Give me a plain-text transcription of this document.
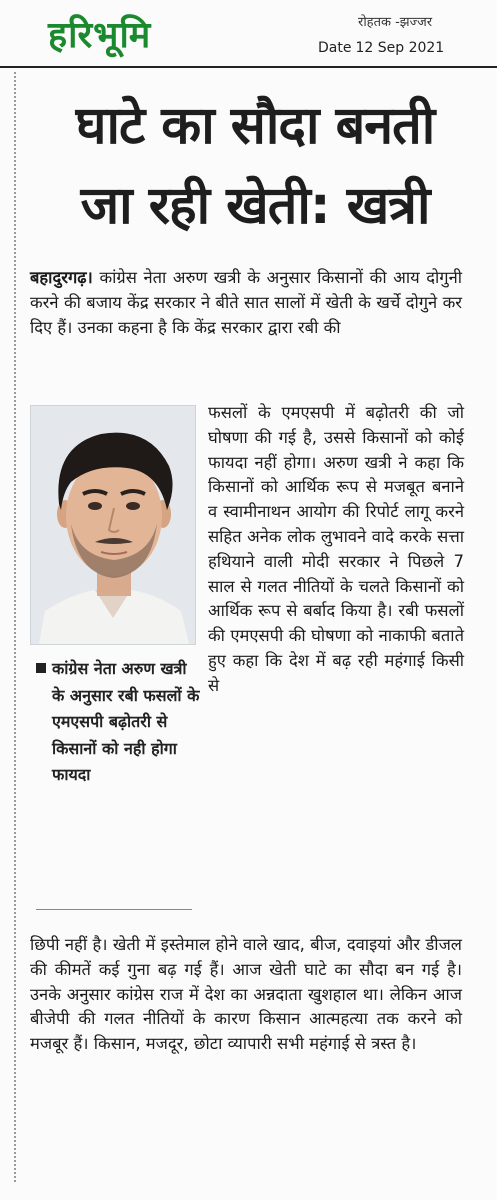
हरिभूमि	रोहतक -झज्जर
Date 12 Sep 2021
घाटे का सौदा बनती
जा रही खेती: खत्री
बहादुरगढ़। कांग्रेस नेता अरुण खत्री के अनुसार किसानों की आय दोगुनी करने की बजाय केंद्र सरकार ने बीते सात सालों में खेती के खर्चे दोगुने कर दिए हैं। उनका कहना है कि केंद्र सरकार द्वारा रबी की
फसलों के एमएसपी में बढ़ोतरी की जो घोषणा की गई है, उससे किसानों को कोई फायदा नहीं होगा। अरुण खत्री ने कहा कि किसानों को आर्थिक रूप से मजबूत बनाने व स्वामीनाथन आयोग की रिपोर्ट लागू करने सहित अनेक लोक लुभावने वादे करके सत्ता हथियाने वाली मोदी सरकार ने पिछले 7 साल से गलत नीतियों के चलते किसानों को आर्थिक रूप से बर्बाद किया है। रबी फसलों की एमएसपी की घोषणा को नाकाफी बताते हुए कहा कि देश में बढ़ रही महंगाई किसी से
कांग्रेस नेता अरुण खत्री के अनुसार रबी फसलों के एमएसपी बढ़ोतरी से किसानों को नही होगा फायदा
छिपी नहीं है। खेती में इस्तेमाल होने वाले खाद, बीज, दवाइयां और डीजल की कीमतें कई गुना बढ़ गई हैं। आज खेती घाटे का सौदा बन गई है। उनके अनुसार कांग्रेस राज में देश का अन्नदाता खुशहाल था। लेकिन आज बीजेपी की गलत नीतियों के कारण किसान आत्महत्या तक करने को मजबूर हैं। किसान, मजदूर, छोटा व्यापारी सभी महंगाई से त्रस्त है।
